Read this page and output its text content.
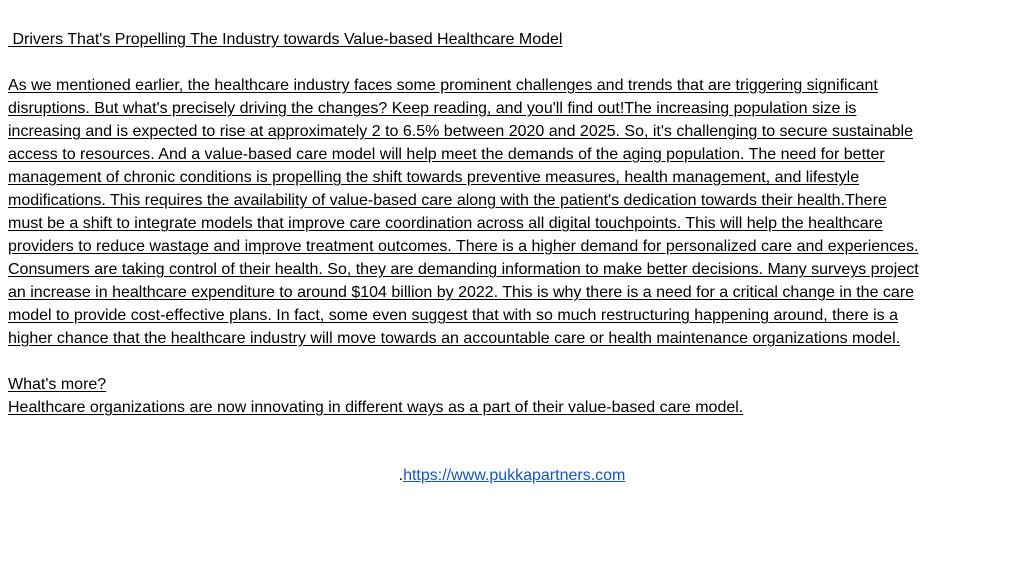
Drivers That's Propelling The Industry towards Value-based Healthcare Model

As we mentioned earlier, the healthcare industry faces some prominent challenges and trends that are triggering significant

disruptions. But what's precisely driving the changes? Keep reading, and you'll find out!The increasing population size is

increasing and is expected to rise at approximately 2 to 6.5% between 2020 and 2025. So, it's challenging to secure sustainable

access to resources. And a value-based care model will help meet the demands of the aging population. The need for better

management of chronic conditions is propelling the shift towards preventive measures, health management, and lifestyle

modifications. This requires the availability of value-based care along with the patient's dedication towards their health.There

must be a shift to integrate models that improve care coordination across all digital touchpoints. This will help the healthcare

providers to reduce wastage and improve treatment outcomes. There is a higher demand for personalized care and experiences.

Consumers are taking control of their health. So, they are demanding information to make better decisions. Many surveys project

an increase in healthcare expenditure to around $104 billion by 2022. This is why there is a need for a critical change in the care

model to provide cost-effective plans. In fact, some even suggest that with so much restructuring happening around, there is a

higher chance that the healthcare industry will move towards an accountable care or health maintenance organizations model.

What's more?

Healthcare organizations are now innovating in different ways as a part of their value-based care model.

.https://www.pukkapartners.com
